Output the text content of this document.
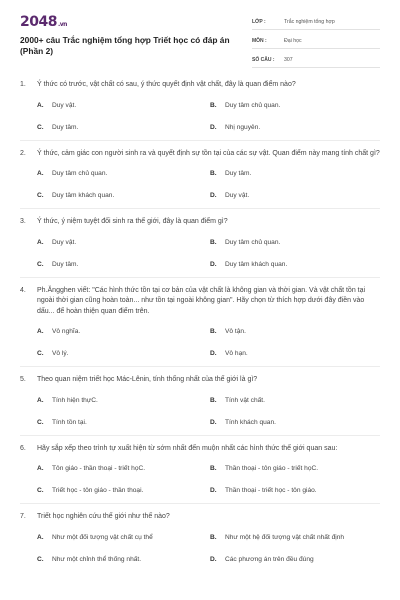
2048.vn
2000+ câu Trắc nghiệm tổng hợp Triết học có đáp án (Phần 2)
LỚP :	Trắc nghiệm tổng hợp
MÔN :	Đại học
SỐ CÂU :	307
1.	Ý thức có trước, vật chất có sau, ý thức quyết định vật chất, đây là quan điểm nào?
A.	Duy vật.	B.	Duy tâm chủ quan.
C.	Duy tâm.	D.	Nhị nguyên.
2.	Ý thức, cảm giác con người sinh ra và quyết định sự tồn tại của các sự vật. Quan điểm này mang tính chất gì?
A.	Duy tâm chủ quan.	B.	Duy tâm.
C.	Duy tâm khách quan.	D.	Duy vật.
3.	Ý thức, ý niệm tuyệt đối sinh ra thế giới, đây là quan điểm gì?
A.	Duy vật.	B.	Duy tâm chủ quan.
C.	Duy tâm.	D.	Duy tâm khách quan.
4.	Ph.Ăngghen viết: "Các hình thức tồn tại cơ bản của vật chất là không gian và thời gian. Và vật chất tồn tại ngoài thời gian cũng hoàn toàn... như tồn tại ngoài không gian". Hãy chọn từ thích hợp dưới đây điền vào dấu... để hoàn thiện quan điểm trên.
A.	Vô nghĩa.	B.	Vô tận.
C.	Vô lý.	D.	Vô hạn.
5.	Theo quan niệm triết học Mác-Lênin, tính thống nhất của thế giới là gì?
A.	Tính hiện thựC.	B.	Tính vật chất.
C.	Tính tồn tại.	D.	Tính khách quan.
6.	Hãy sắp xếp theo trình tự xuất hiện từ sớm nhất đến muộn nhất các hình thức thế giới quan sau:
A.	Tôn giáo - thần thoại - triết họC.	B.	Thần thoại - tôn giáo - triết họC.
C.	Triết học - tôn giáo - thần thoại.	D.	Thần thoại - triết học - tôn giáo.
7.	Triết học nghiên cứu thế giới như thế nào?
A.	Như một đối tượng vật chất cụ thể	B.	Như một hệ đối tượng vật chất nhất định
C.	Như một chỉnh thể thống nhất.	D.	Các phương án trên đều đúng
